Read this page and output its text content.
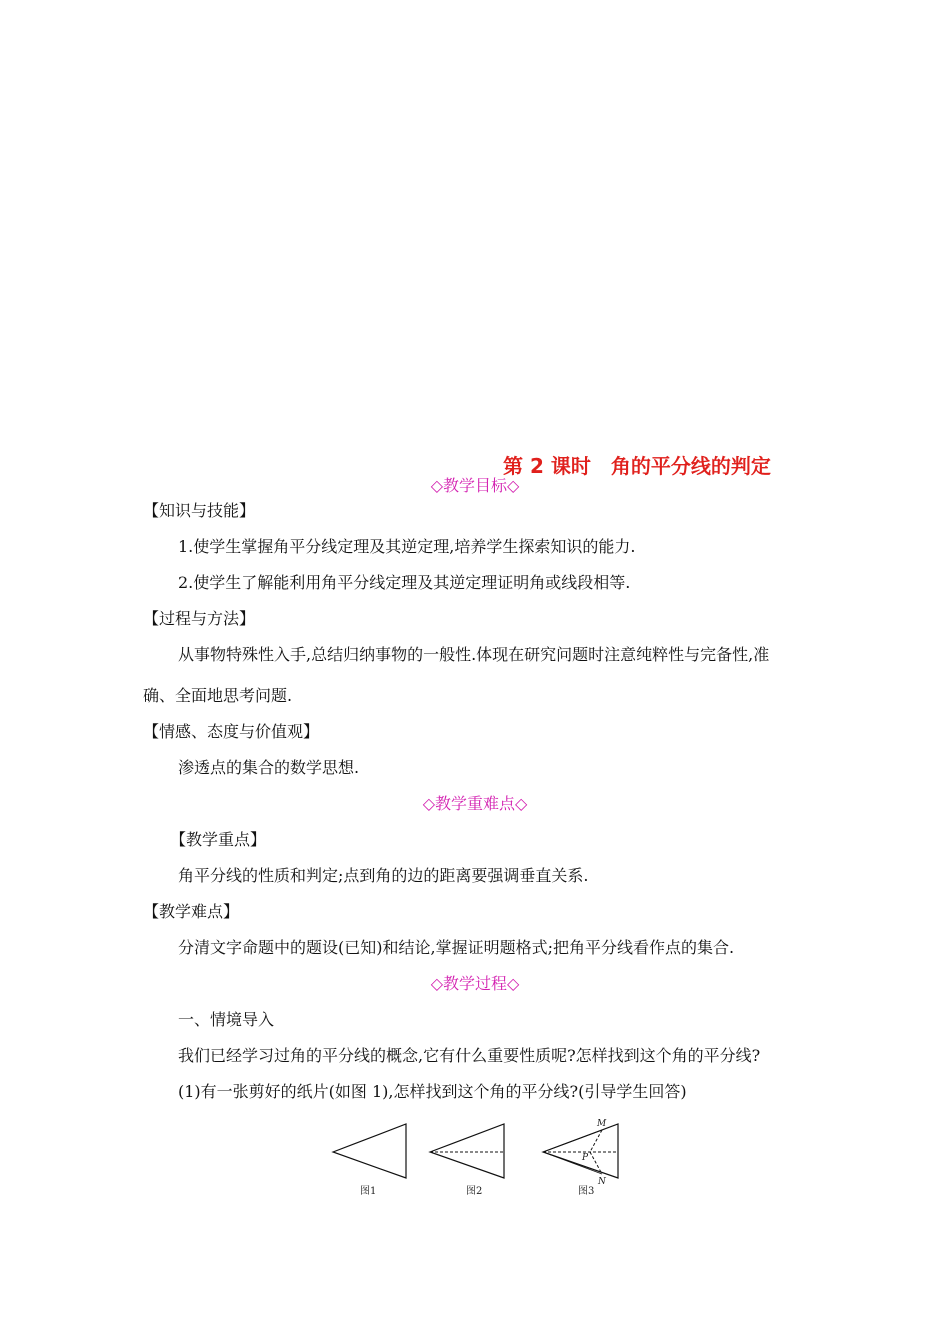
第 2 课时　角的平分线的判定
◇教学目标◇
【知识与技能】
1.使学生掌握角平分线定理及其逆定理,培养学生探索知识的能力.
2.使学生了解能利用角平分线定理及其逆定理证明角或线段相等.
【过程与方法】
从事物特殊性入手,总结归纳事物的一般性.体现在研究问题时注意纯粹性与完备性,准
确、全面地思考问题.
【情感、态度与价值观】
渗透点的集合的数学思想.
◇教学重难点◇
【教学重点】
角平分线的性质和判定;点到角的边的距离要强调垂直关系.
【教学难点】
分清文字命题中的题设(已知)和结论,掌握证明题格式;把角平分线看作点的集合.
◇教学过程◇
一、情境导入
我们已经学习过角的平分线的概念,它有什么重要性质呢?怎样找到这个角的平分线?
(1)有一张剪好的纸片(如图 1),怎样找到这个角的平分线?(引导学生回答)
M
P
N
图1	图2	图3
